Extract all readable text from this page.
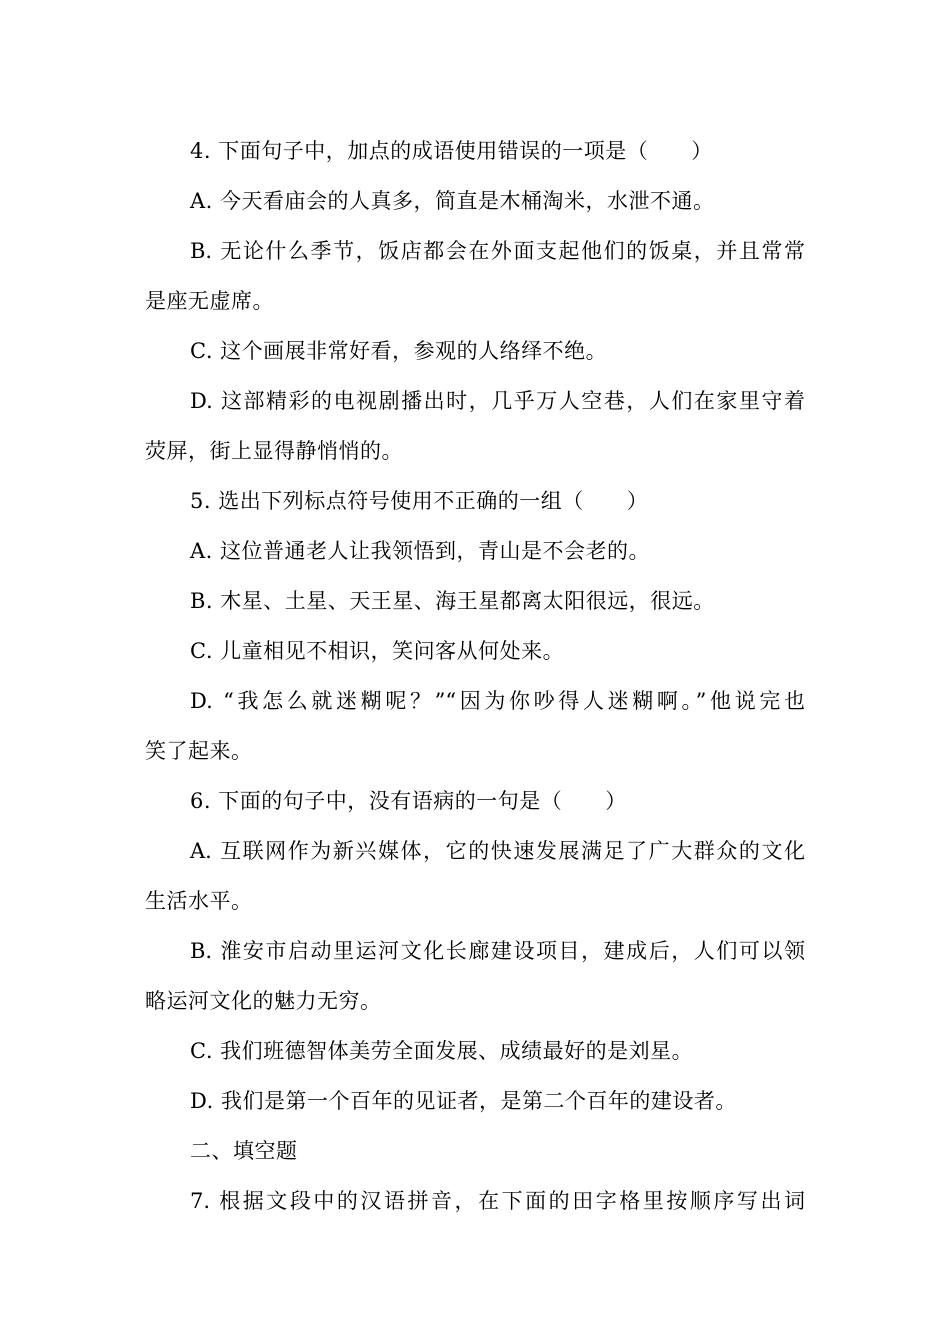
4. 下面句子中，加点的成语使用错误的一项是（　　）
A. 今天看庙会的人真多，简直是木桶淘米，水泄不通。
B. 无论什么季节，饭店都会在外面支起他们的饭桌，并且常常
是座无虚席。
C. 这个画展非常好看，参观的人络绎不绝。
D. 这部精彩的电视剧播出时，几乎万人空巷，人们在家里守着
荧屏，街上显得静悄悄的。
5. 选出下列标点符号使用不正确的一组（　　）
A. 这位普通老人让我领悟到，青山是不会老的。
B. 木星、土星、天王星、海王星都离太阳很远，很远。
C. 儿童相见不相识，笑问客从何处来。
D. “我怎么就迷糊呢？”“因为你吵得人迷糊啊。”他说完也
笑了起来。
6. 下面的句子中，没有语病的一句是（　　）
A. 互联网作为新兴媒体，它的快速发展满足了广大群众的文化
生活水平。
B. 淮安市启动里运河文化长廊建设项目，建成后，人们可以领
略运河文化的魅力无穷。
C. 我们班德智体美劳全面发展、成绩最好的是刘星。
D. 我们是第一个百年的见证者，是第二个百年的建设者。
二、填空题
7. 根据文段中的汉语拼音，在下面的田字格里按顺序写出词
